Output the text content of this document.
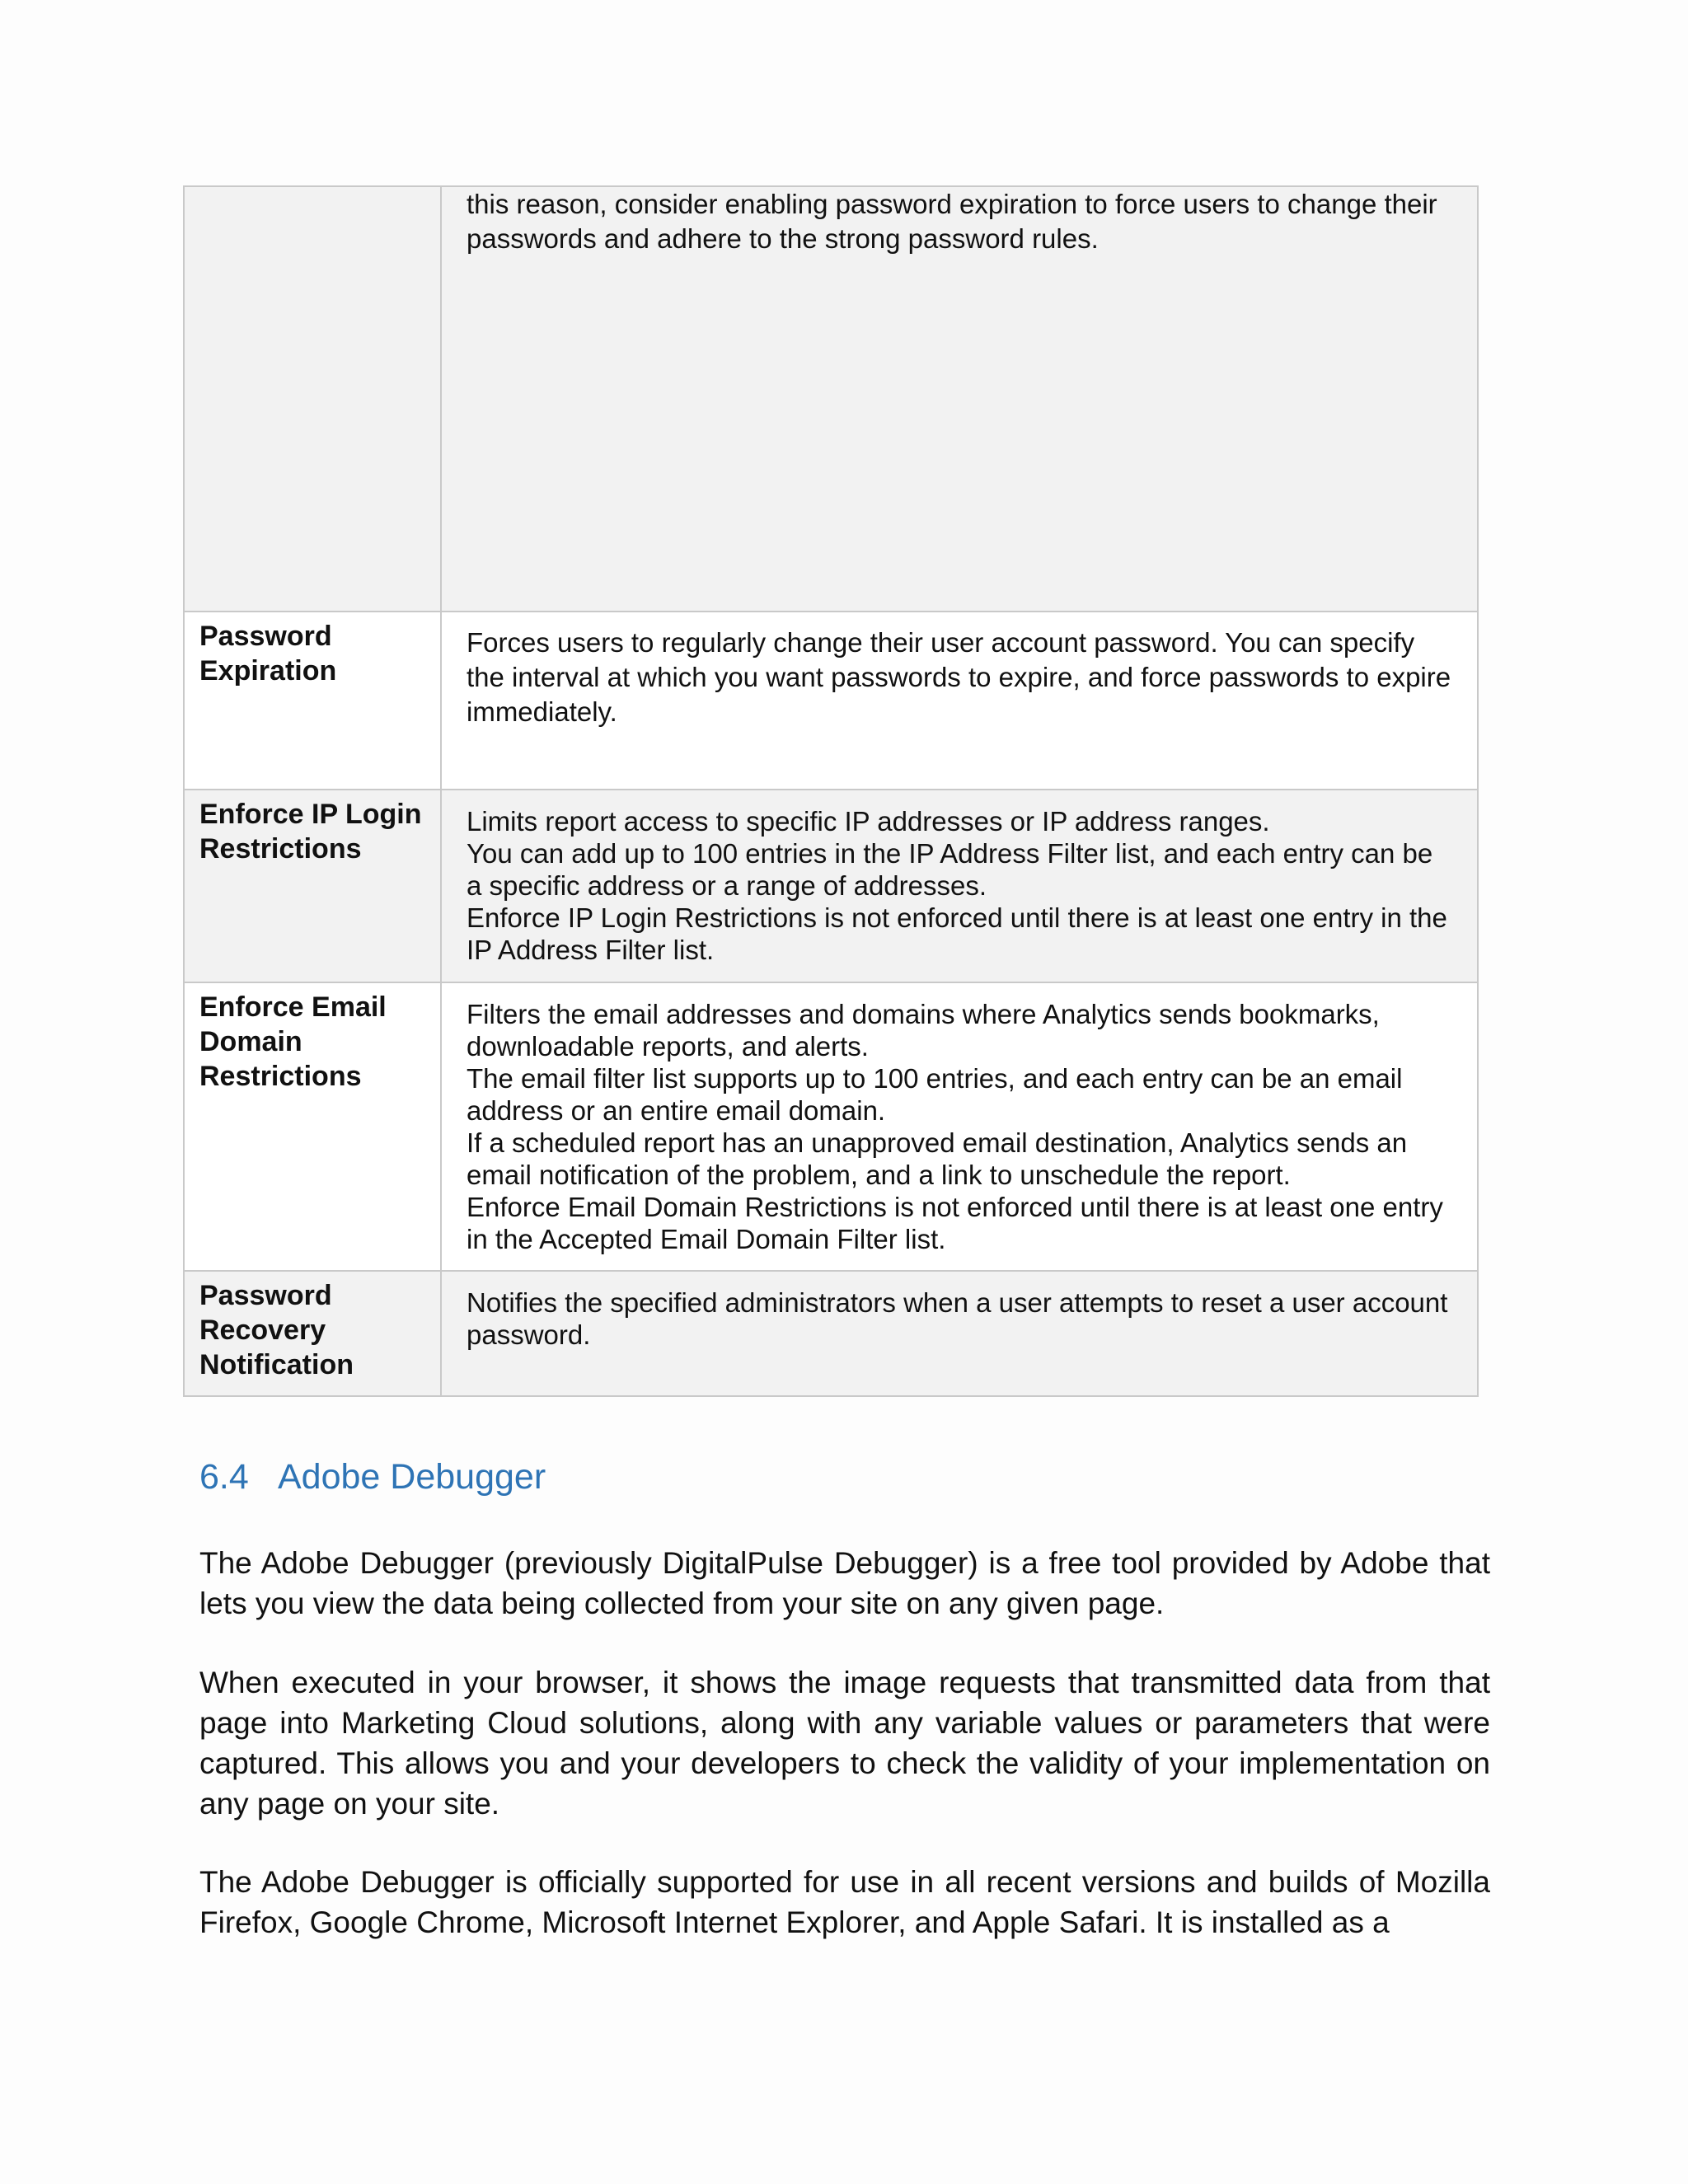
	this reason, consider enabling password expiration to force users to change their passwords and adhere to the strong password rules.

Password Expiration	Forces users to regularly change their user account password. You can specify the interval at which you want passwords to expire, and force passwords to expire immediately.

Enforce IP Login Restrictions	Limits report access to specific IP addresses or IP address ranges.
You can add up to 100 entries in the IP Address Filter list, and each entry can be a specific address or a range of addresses.
Enforce IP Login Restrictions is not enforced until there is at least one entry in the IP Address Filter list.

Enforce Email Domain Restrictions	Filters the email addresses and domains where Analytics sends bookmarks, downloadable reports, and alerts.
The email filter list supports up to 100 entries, and each entry can be an email address or an entire email domain.
If a scheduled report has an unapproved email destination, Analytics sends an email notification of the problem, and a link to unschedule the report.
Enforce Email Domain Restrictions is not enforced until there is at least one entry in the Accepted Email Domain Filter list.

Password Recovery Notification	Notifies the specified administrators when a user attempts to reset a user account password.
6.4 Adobe Debugger

The Adobe Debugger (previously DigitalPulse Debugger) is a free tool provided by Adobe that lets you view the data being collected from your site on any given page.

When executed in your browser, it shows the image requests that transmitted data from that page into Marketing Cloud solutions, along with any variable values or parameters that were captured. This allows you and your developers to check the validity of your implementation on any page on your site.

The Adobe Debugger is officially supported for use in all recent versions and builds of Mozilla Firefox, Google Chrome, Microsoft Internet Explorer, and Apple Safari. It is installed as a
